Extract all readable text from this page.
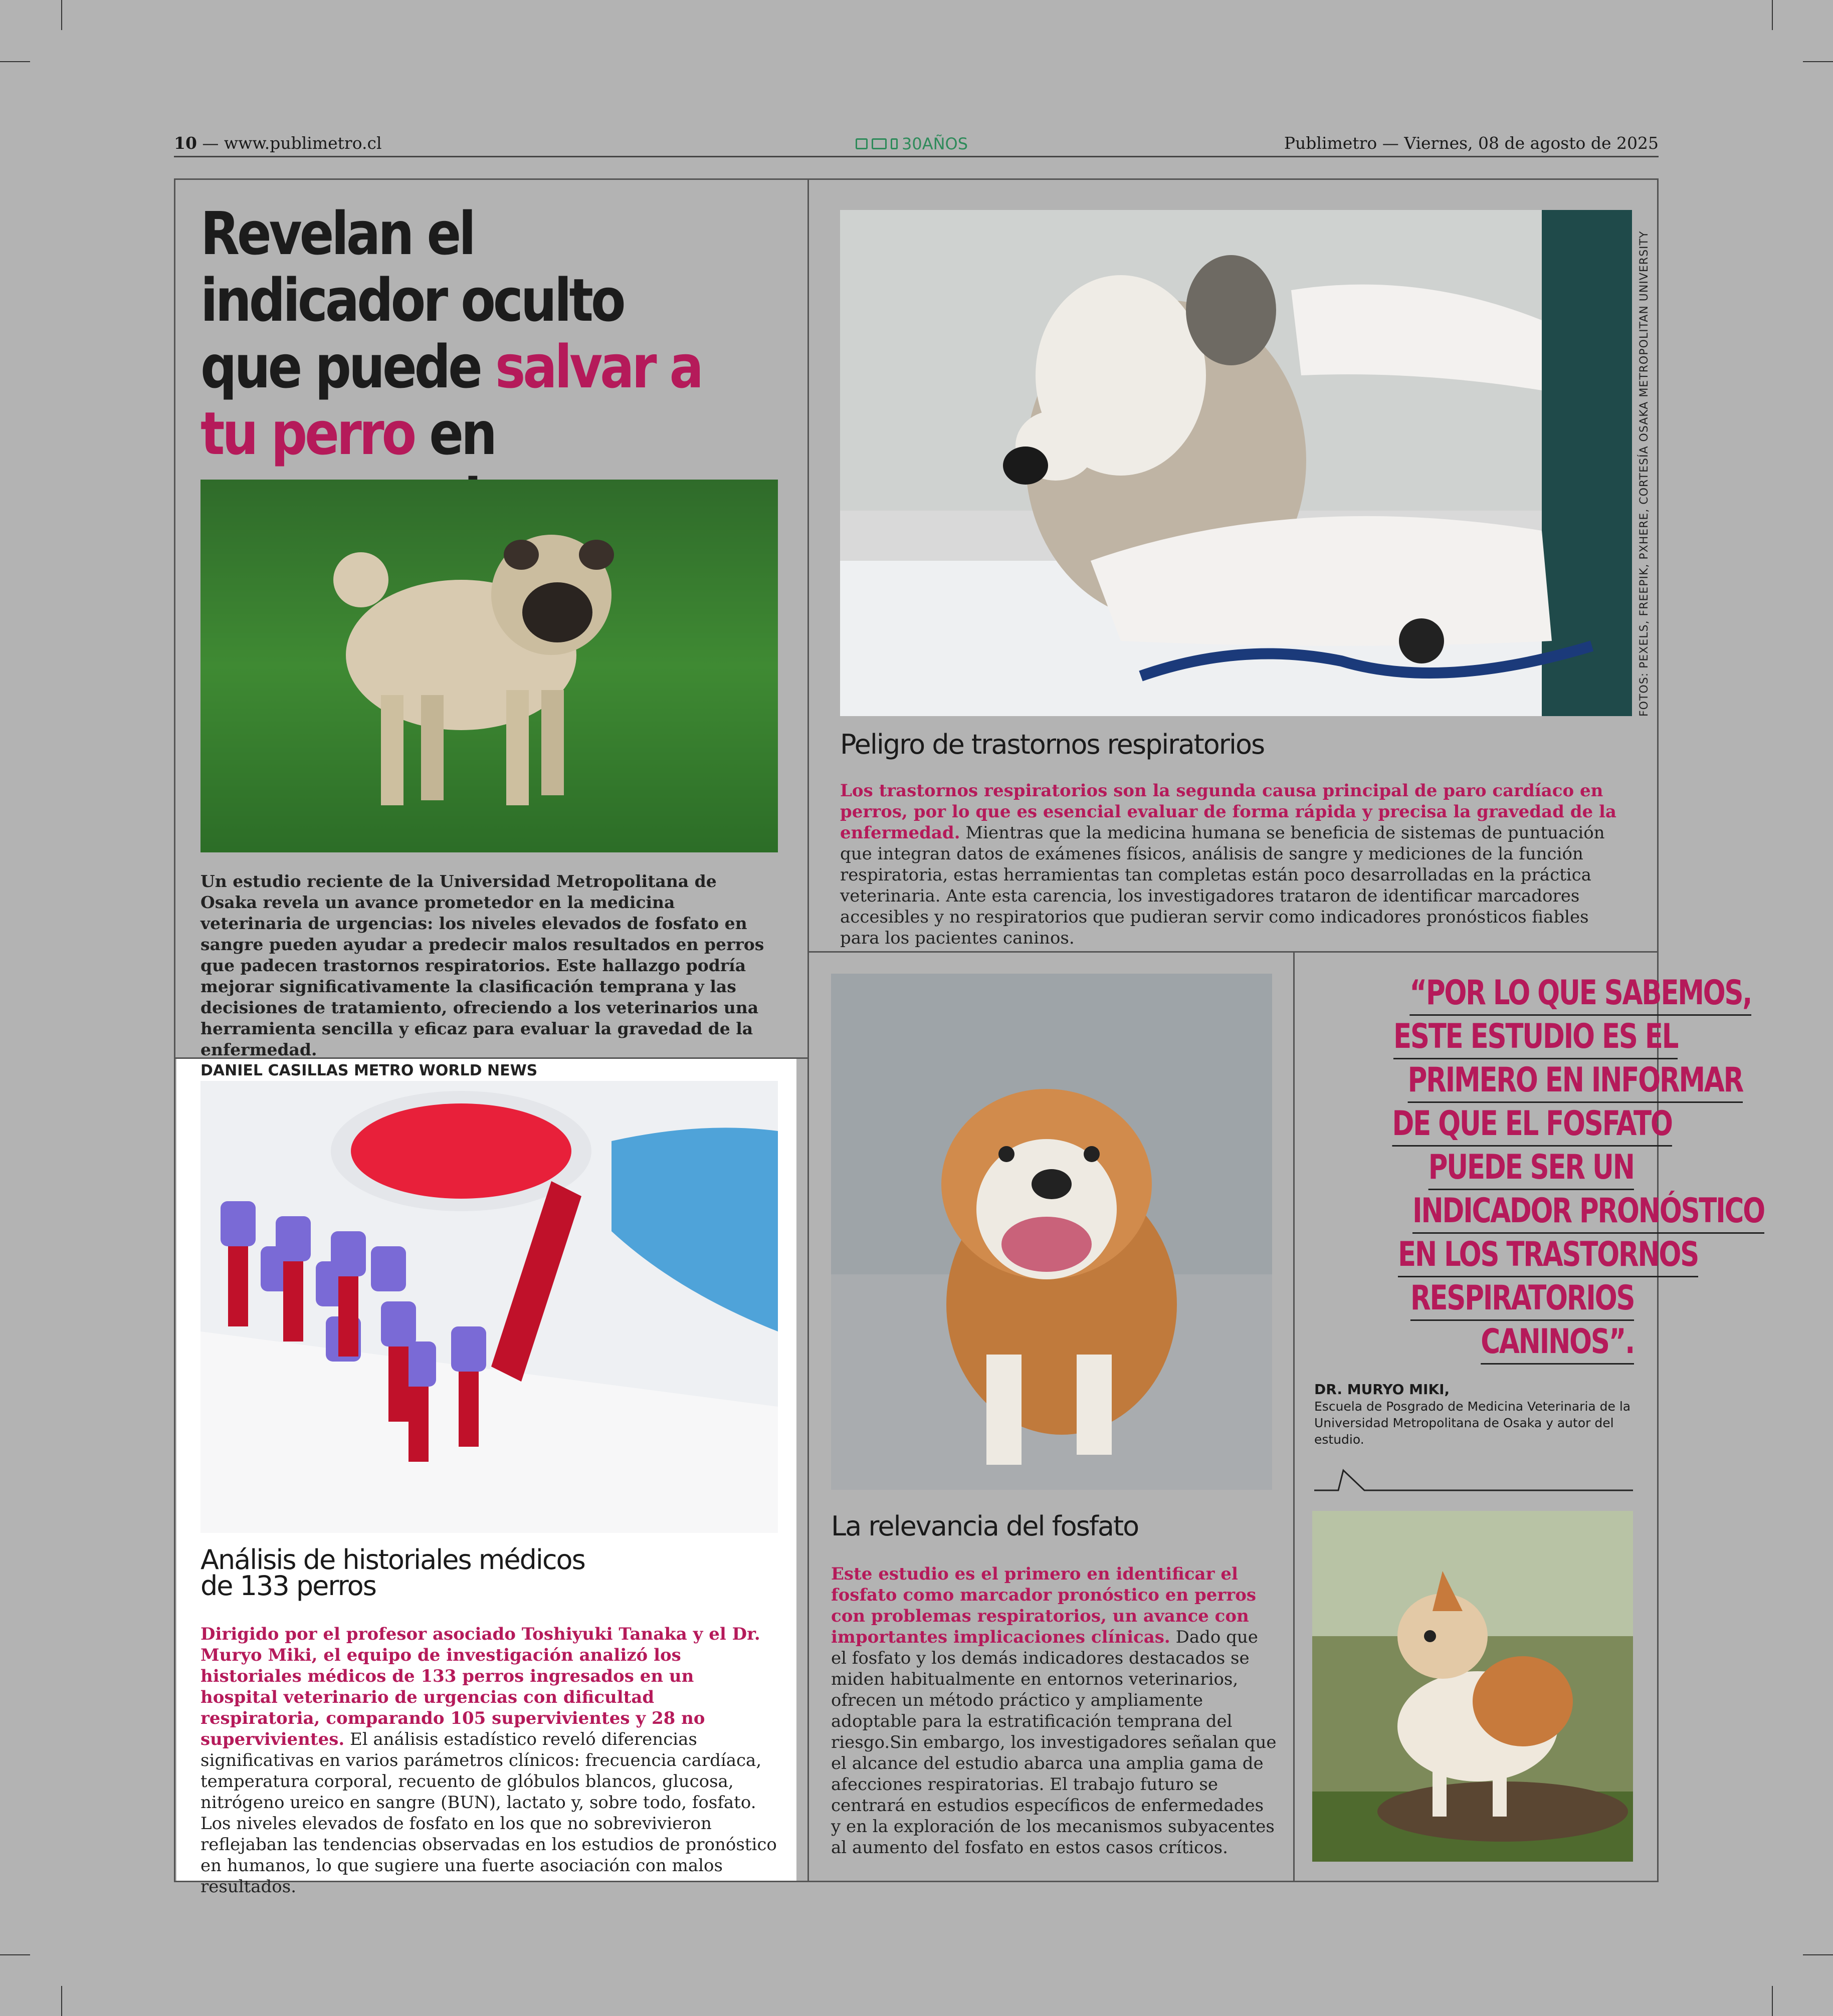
10 — www.publimetro.cl	30AÑOS	Publimetro — Viernes, 08 de agosto de 2025
Revelan el indicador oculto que puede salvar a tu perro en
Un estudio reciente de la Universidad Metropolitana de Osaka revela un avance prometedor en la medicina veterinaria de urgencias: los niveles elevados de fosfato en sangre pueden ayudar a predecir malos resultados en perros que padecen trastornos respiratorios. Este hallazgo podría mejorar significativamente la clasificación temprana y las decisiones de tratamiento, ofreciendo a los veterinarios una herramienta sencilla y eficaz para evaluar la gravedad de la enfermedad.
DANIEL CASILLAS METRO WORLD NEWS
FOTOS: PEXELS, FREEPIK, PXHERE, CORTESÍA OSAKA METROPOLITAN UNIVERSITY
Peligro de trastornos respiratorios
Los trastornos respiratorios son la segunda causa principal de paro cardíaco en perros, por lo que es esencial evaluar de forma rápida y precisa la gravedad de la enfermedad. Mientras que la medicina humana se beneficia de sistemas de puntuación que integran datos de exámenes físicos, análisis de sangre y mediciones de la función respiratoria, estas herramientas tan completas están poco desarrolladas en la práctica veterinaria. Ante esta carencia, los investigadores trataron de identificar marcadores accesibles y no respiratorios que pudieran servir como indicadores pronósticos fiables para los pacientes caninos.
Análisis de historiales médicos
de 133 perros
Dirigido por el profesor asociado Toshiyuki Tanaka y el Dr. Muryo Miki, el equipo de investigación analizó los historiales médicos de 133 perros ingresados en un hospital veterinario de urgencias con dificultad respiratoria, comparando 105 supervivientes y 28 no supervivientes. El análisis estadístico reveló diferencias significativas en varios parámetros clínicos: frecuencia cardíaca, temperatura corporal, recuento de glóbulos blancos, glucosa, nitrógeno ureico en sangre (BUN), lactato y, sobre todo, fosfato. Los niveles elevados de fosfato en los que no sobrevivieron reflejaban las tendencias observadas en los estudios de pronóstico en humanos, lo que sugiere una fuerte asociación con malos resultados.
La relevancia del fosfato
Este estudio es el primero en identificar el fosfato como marcador pronóstico en perros con problemas respiratorios, un avance con importantes implicaciones clínicas. Dado que el fosfato y los demás indicadores destacados se miden habitualmente en entornos veterinarios, ofrecen un método práctico y ampliamente adoptable para la estratificación temprana del riesgo.Sin embargo, los investigadores señalan que el alcance del estudio abarca una amplia gama de afecciones respiratorias. El trabajo futuro se centrará en estudios específicos de enfermedades y en la exploración de los mecanismos subyacentes al aumento del fosfato en estos casos críticos.
“POR LO QUE SABEMOS,
ESTE ESTUDIO ES EL
PRIMERO EN INFORMAR
DE QUE EL FOSFATO
PUEDE SER UN
INDICADOR PRONÓSTICO
EN LOS TRASTORNOS
RESPIRATORIOS
CANINOS”.
DR. MURYO MIKI,
Escuela de Posgrado de Medicina Veterinaria de la Universidad Metropolitana de Osaka y autor del estudio.
